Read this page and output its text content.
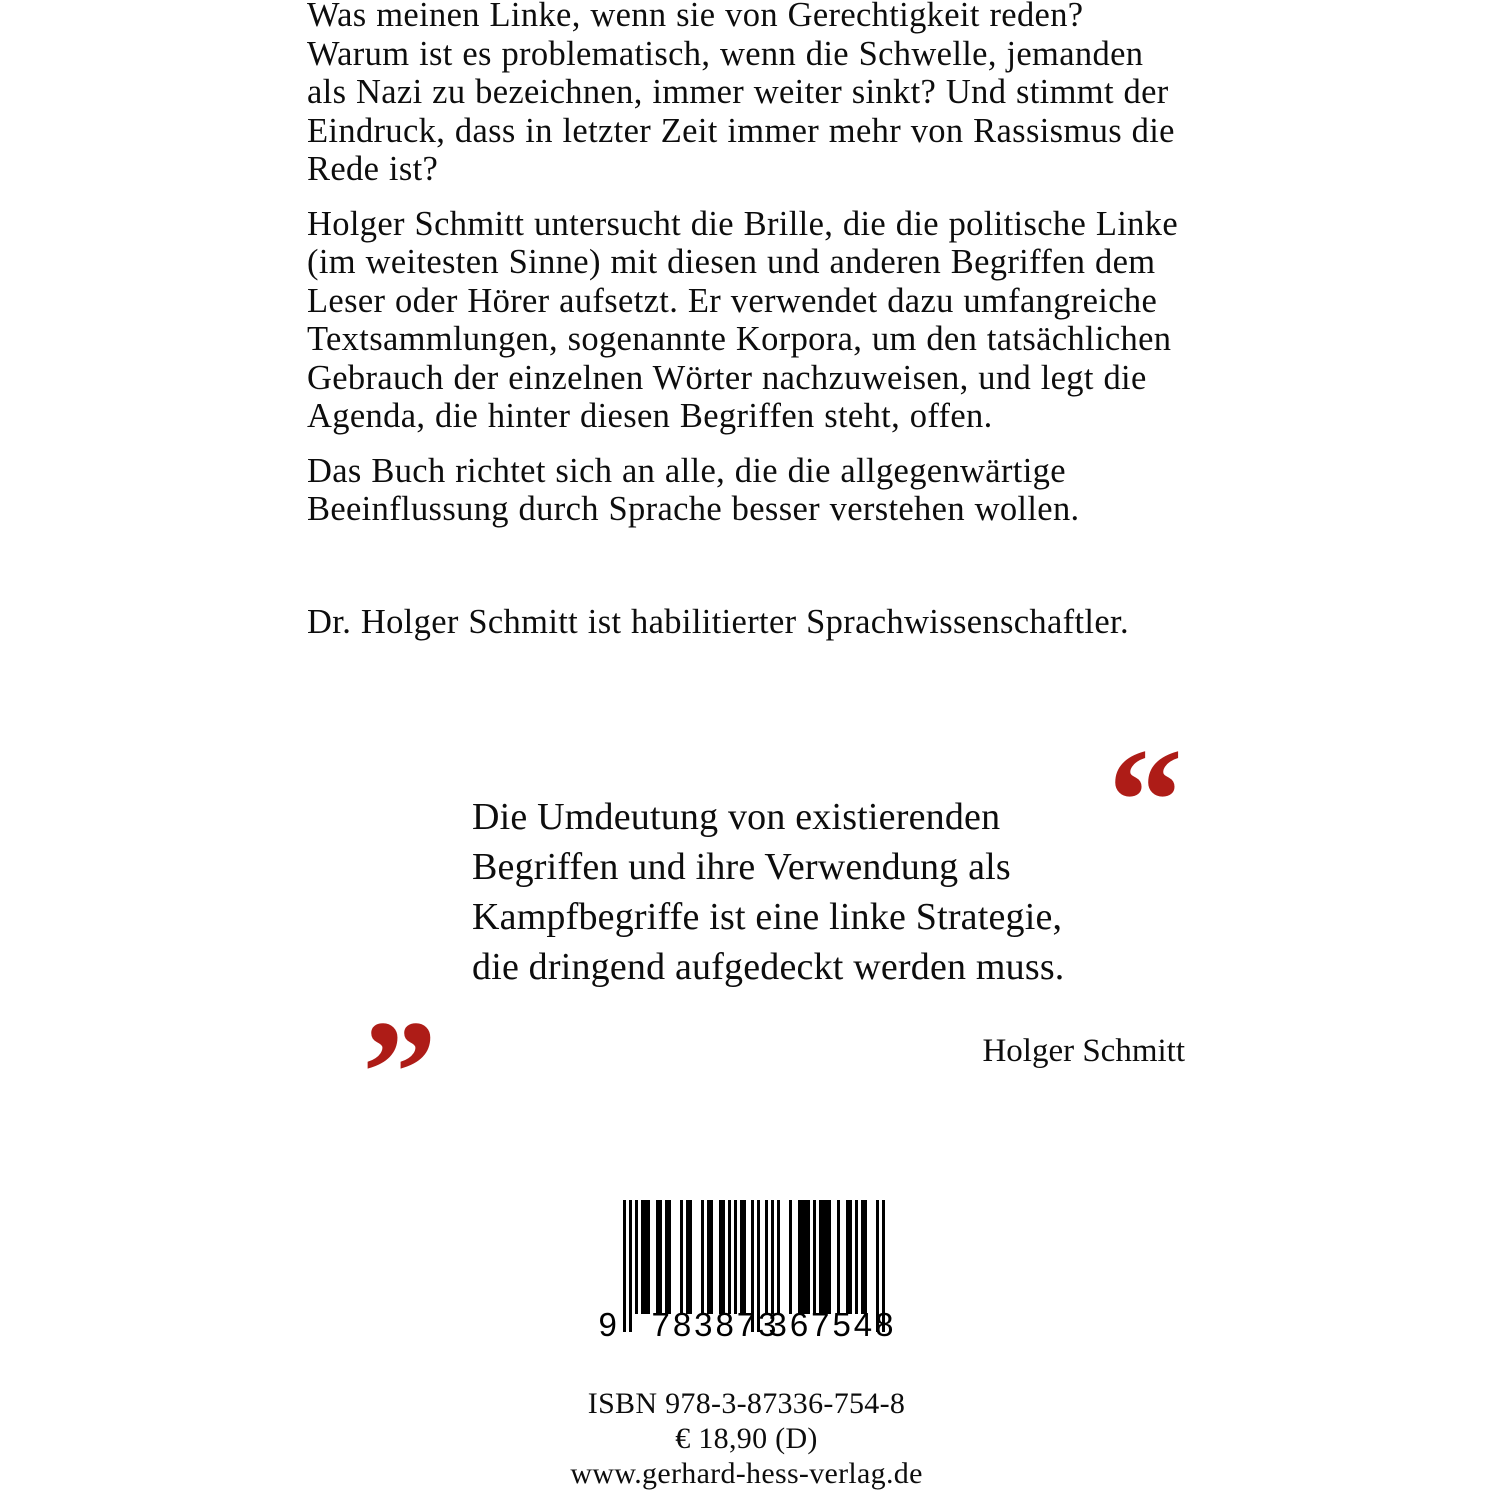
Was meinen Linke, wenn sie von Gerechtigkeit reden? Warum ist es problematisch, wenn die Schwelle, jemanden als Nazi zu bezeichnen, immer weiter sinkt? Und stimmt der Eindruck, dass in letzter Zeit immer mehr von Rassismus die Rede ist?

Holger Schmitt untersucht die Brille, die die politische Linke (im weitesten Sinne) mit diesen und anderen Begriffen dem Leser oder Hörer aufsetzt. Er verwendet dazu umfangreiche Textsammlungen, sogenannte Korpora, um den tatsächlichen Gebrauch der einzelnen Wörter nachzuweisen, und legt die Agenda, die hinter diesen Begriffen steht, offen.

Das Buch richtet sich an alle, die die allgegenwärtige Beeinflussung durch Sprache besser verstehen wollen.

Dr. Holger Schmitt ist habilitierter Sprachwissenschaftler.

“

Die Umdeutung von existierenden

Begriffen und ihre Verwendung als

Kampfbegriffe ist eine linke Strategie,

die dringend aufgedeckt werden muss.

”	Holger Schmitt
9 783873
367548
ISBN 978-3-87336-754-8
€ 18,90 (D)
www.gerhard-hess-verlag.de
